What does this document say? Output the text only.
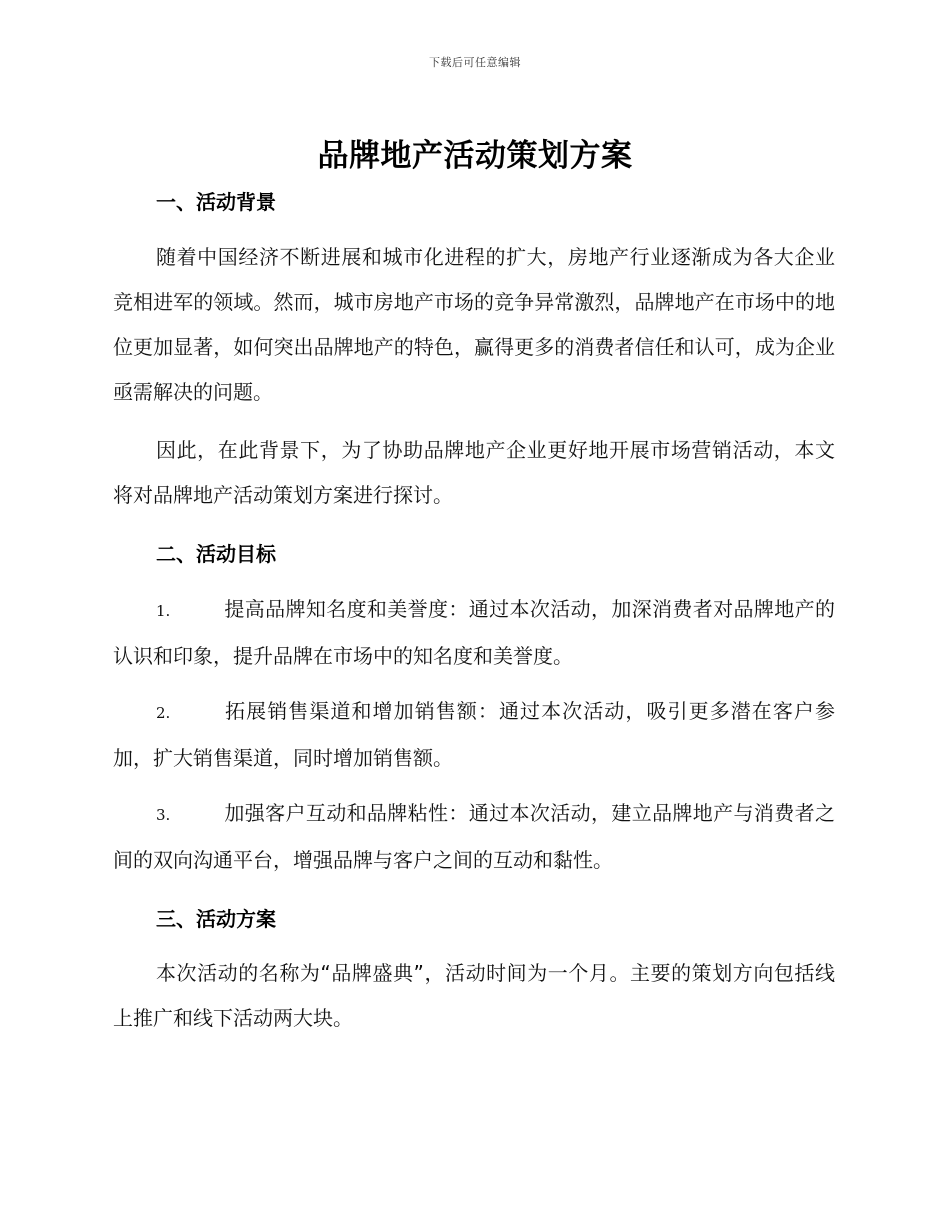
下载后可任意编辑
品牌地产活动策划方案
一、活动背景

随着中国经济不断进展和城市化进程的扩大，房地产行业逐渐成为各大企业竞相进军的领域。然而，城市房地产市场的竞争异常激烈，品牌地产在市场中的地位更加显著，如何突出品牌地产的特色，赢得更多的消费者信任和认可，成为企业亟需解决的问题。

因此，在此背景下，为了协助品牌地产企业更好地开展市场营销活动，本文将对品牌地产活动策划方案进行探讨。

二、活动目标

1.	提高品牌知名度和美誉度：通过本次活动，加深消费者对品牌地产的认识和印象，提升品牌在市场中的知名度和美誉度。

2.	拓展销售渠道和增加销售额：通过本次活动，吸引更多潜在客户参加，扩大销售渠道，同时增加销售额。

3.	加强客户互动和品牌粘性：通过本次活动，建立品牌地产与消费者之间的双向沟通平台，增强品牌与客户之间的互动和黏性。

三、活动方案

本次活动的名称为“品牌盛典”，活动时间为一个月。主要的策划方向包括线上推广和线下活动两大块。
